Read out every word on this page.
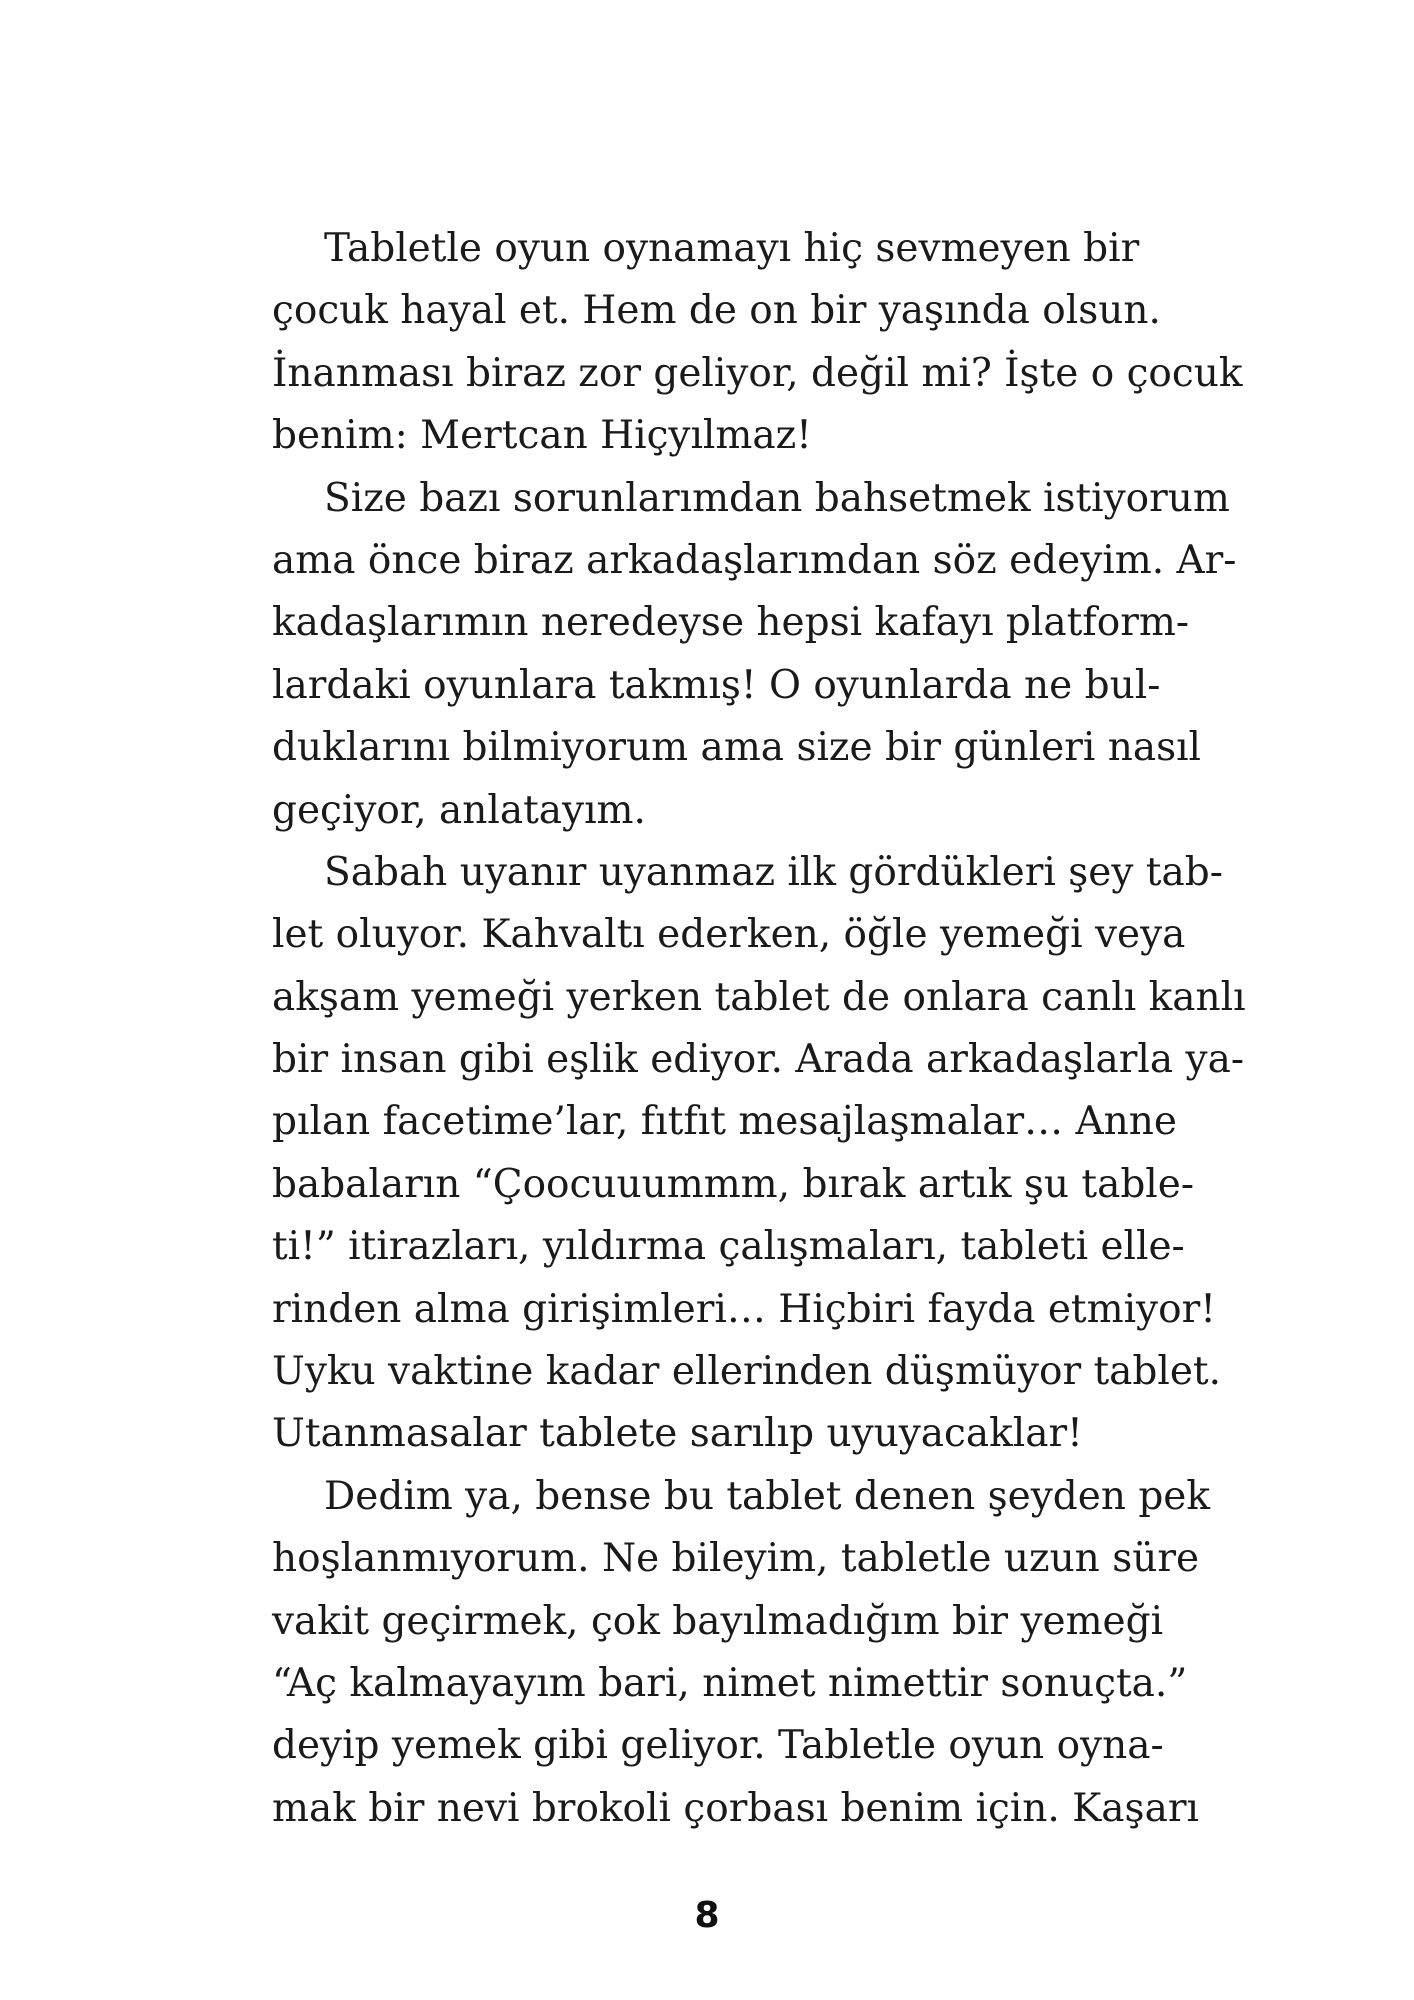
Tabletle oyun oynamayı hiç sevmeyen bir
çocuk hayal et. Hem de on bir yaşında olsun.
İnanması biraz zor geliyor, değil mi? İşte o çocuk
benim: Mertcan Hiçyılmaz!
Size bazı sorunlarımdan bahsetmek istiyorum
ama önce biraz arkadaşlarımdan söz edeyim. Ar-
kadaşlarımın neredeyse hepsi kafayı platform-
lardaki oyunlara takmış! O oyunlarda ne bul-
duklarını bilmiyorum ama size bir günleri nasıl
geçiyor, anlatayım.
Sabah uyanır uyanmaz ilk gördükleri şey tab-
let oluyor. Kahvaltı ederken, öğle yemeği veya
akşam yemeği yerken tablet de onlara canlı kanlı
bir insan gibi eşlik ediyor. Arada arkadaşlarla ya-
pılan facetime’lar, fıtfıt mesajlaşmalar… Anne
babaların “Çoocuuummm, bırak artık şu table-
ti!” itirazları, yıldırma çalışmaları, tableti elle-
rinden alma girişimleri… Hiçbiri fayda etmiyor!
Uyku vaktine kadar ellerinden düşmüyor tablet.
Utanmasalar tablete sarılıp uyuyacaklar!
Dedim ya, bense bu tablet denen şeyden pek
hoşlanmıyorum. Ne bileyim, tabletle uzun süre
vakit geçirmek, çok bayılmadığım bir yemeği
“Aç kalmayayım bari, nimet nimettir sonuçta.”
deyip yemek gibi geliyor. Tabletle oyun oyna-
mak bir nevi brokoli çorbası benim için. Kaşarı
8
